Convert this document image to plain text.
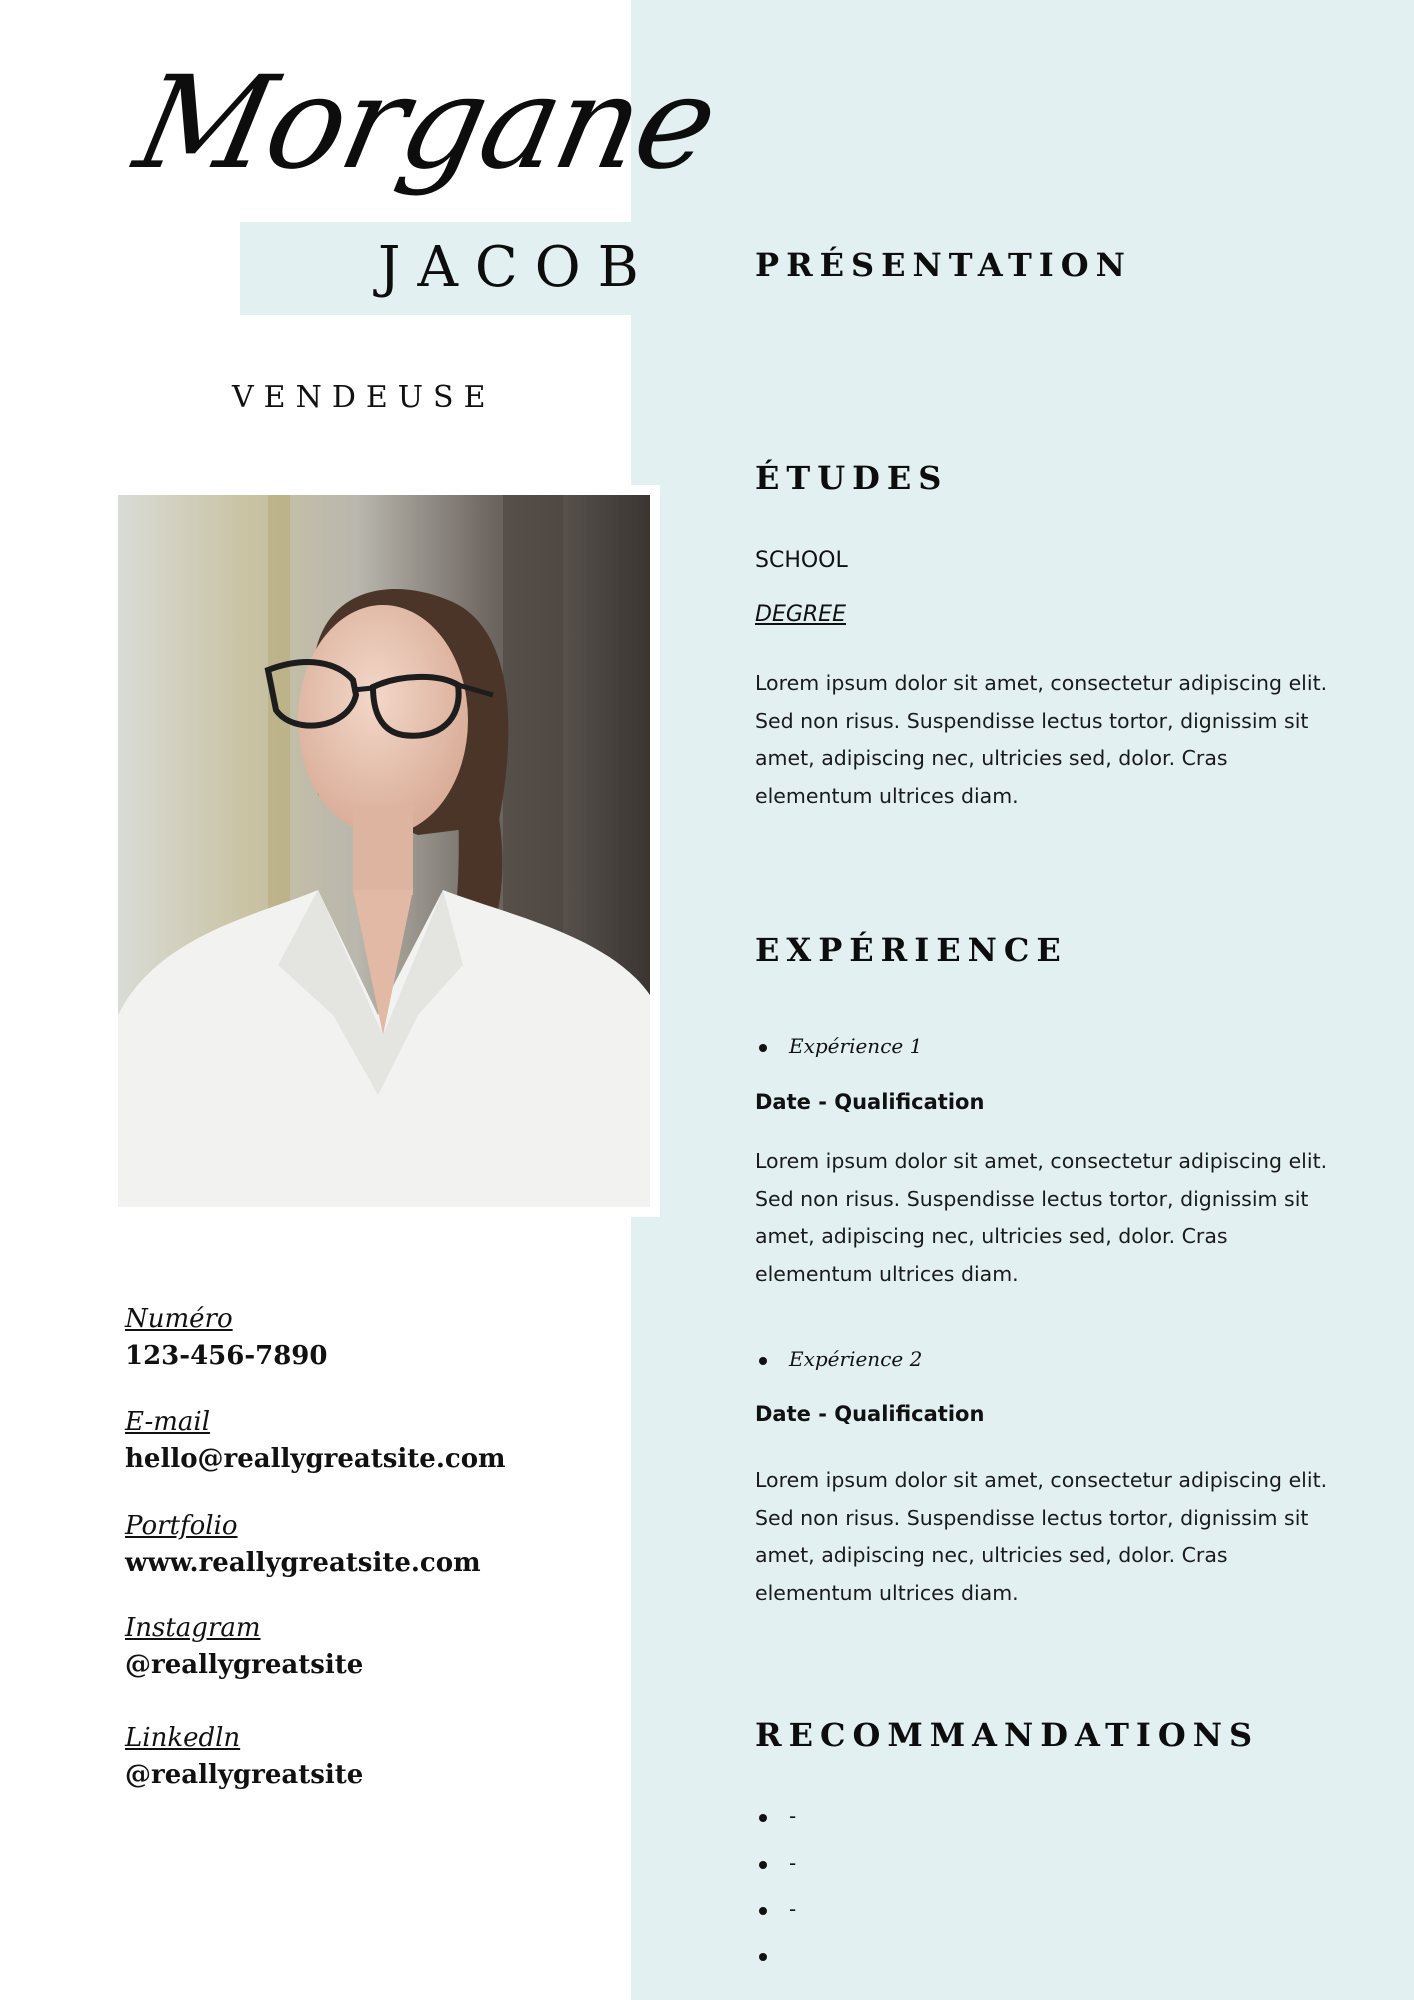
Morgane
JACOB

VENDEUSE

Numéro
123-456-7890
E-mail
hello@reallygreatsite.com
Portfolio
www.reallygreatsite.com
Instagram
@reallygreatsite
Linkedln
@reallygreatsite
PRÉSENTATION
ÉTUDES
SCHOOL
DEGREE

Lorem ipsum dolor sit amet, consectetur adipiscing elit. Sed non risus. Suspendisse lectus tortor, dignissim sit amet, adipiscing nec, ultricies sed, dolor. Cras elementum ultrices diam.

EXPÉRIENCE
Expérience 1
Date - Qualification

Lorem ipsum dolor sit amet, consectetur adipiscing elit. Sed non risus. Suspendisse lectus tortor, dignissim sit amet, adipiscing nec, ultricies sed, dolor. Cras elementum ultrices diam.

Expérience 2
Date - Qualification

Lorem ipsum dolor sit amet, consectetur adipiscing elit. Sed non risus. Suspendisse lectus tortor, dignissim sit amet, adipiscing nec, ultricies sed, dolor. Cras elementum ultrices diam.

RECOMMANDATIONS
-
-
-
